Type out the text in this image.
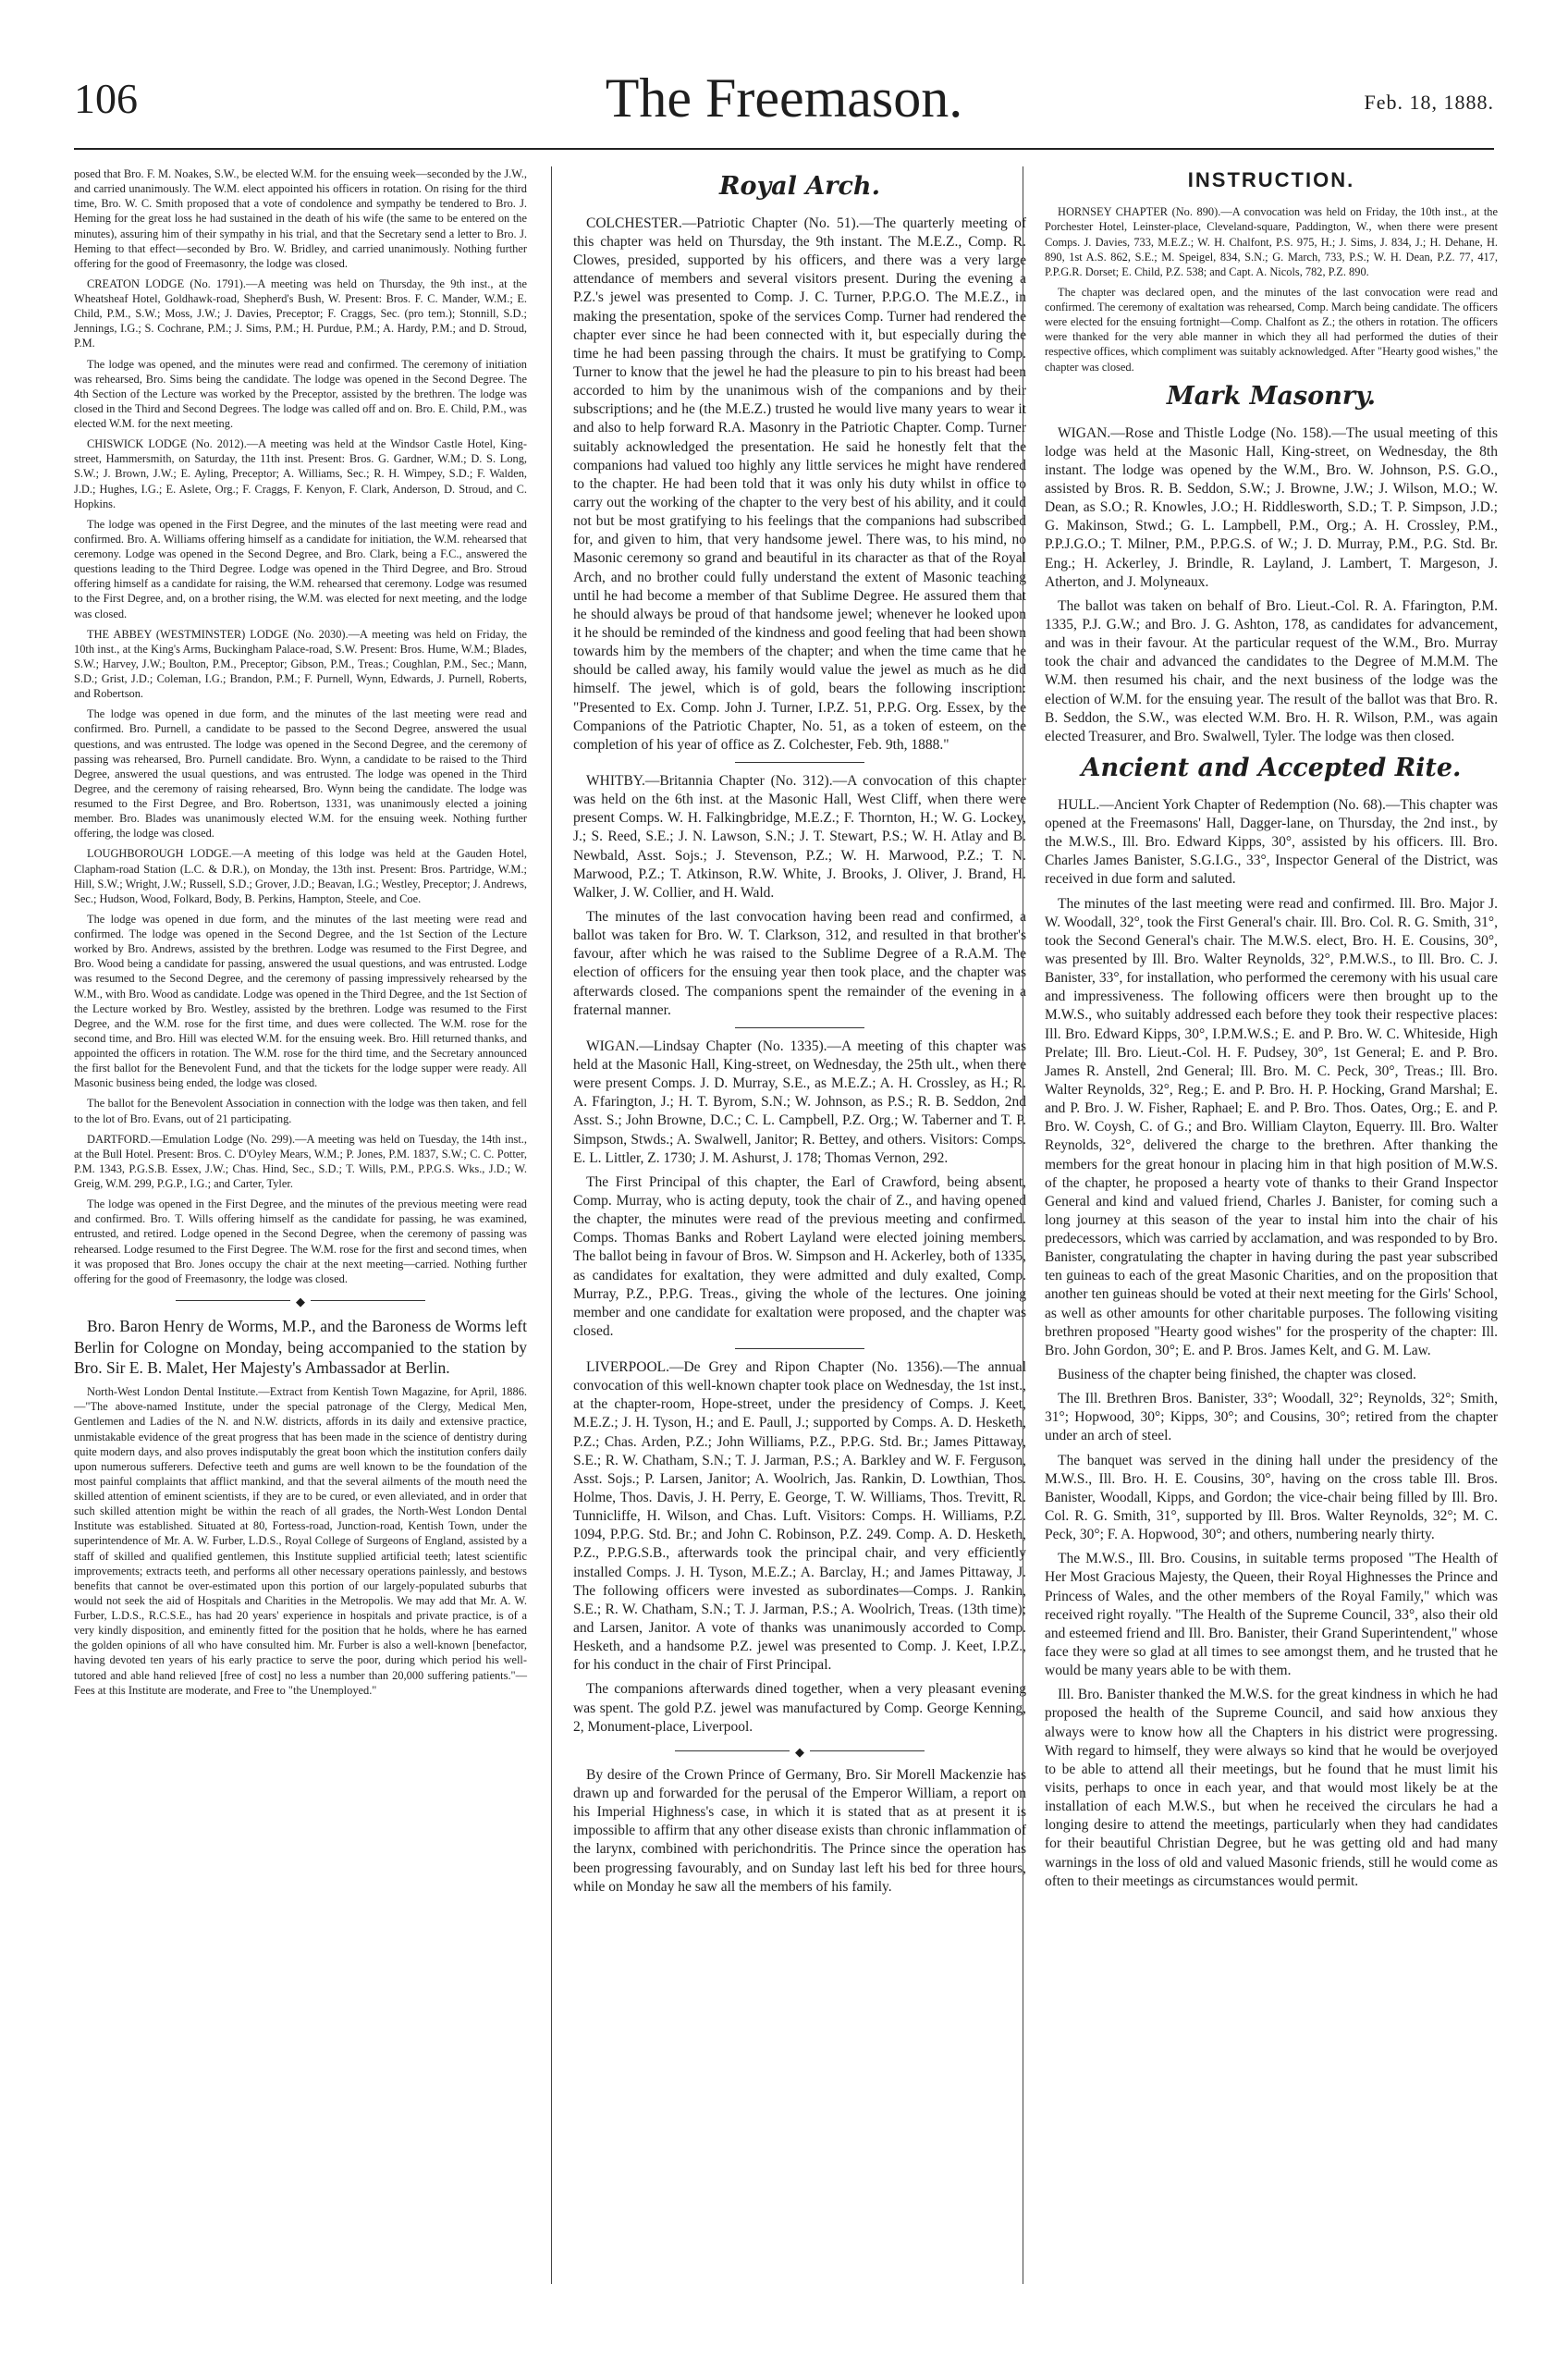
106	The Freemason.	Feb. 18, 1888.

posed that Bro. F. M. Noakes, S.W., be elected W.M. for the ensuing week—seconded by the J.W., and carried unanimously. The W.M. elect appointed his officers in rotation. On rising for the third time, Bro. W. C. Smith proposed that a vote of condolence and sympathy be tendered to Bro. J. Heming for the great loss he had sustained in the death of his wife (the same to be entered on the minutes), assuring him of their sympathy in his trial, and that the Secretary send a letter to Bro. J. Heming to that effect—seconded by Bro. W. Bridley, and carried unanimously. Nothing further offering for the good of Freemasonry, the lodge was closed.

CREATON LODGE (No. 1791).—A meeting was held on Thursday, the 9th inst., at the Wheatsheaf Hotel, Goldhawk-road, Shepherd's Bush, W. Present: Bros. F. C. Mander, W.M.; E. Child, P.M., S.W.; Moss, J.W.; J. Davies, Preceptor; F. Craggs, Sec. (pro tem.); Stonnill, S.D.; Jennings, I.G.; S. Cochrane, P.M.; J. Sims, P.M.; H. Purdue, P.M.; A. Hardy, P.M.; and D. Stroud, P.M.

The lodge was opened, and the minutes were read and confirmed. The ceremony of initiation was rehearsed, Bro. Sims being the candidate. The lodge was opened in the Second Degree. The 4th Section of the Lecture was worked by the Preceptor, assisted by the brethren. The lodge was closed in the Third and Second Degrees. The lodge was called off and on. Bro. E. Child, P.M., was elected W.M. for the next meeting.

CHISWICK LODGE (No. 2012).—A meeting was held at the Windsor Castle Hotel, King-street, Hammersmith, on Saturday, the 11th inst. Present: Bros. G. Gardner, W.M.; D. S. Long, S.W.; J. Brown, J.W.; E. Ayling, Preceptor; A. Williams, Sec.; R. H. Wimpey, S.D.; F. Walden, J.D.; Hughes, I.G.; E. Aslete, Org.; F. Craggs, F. Kenyon, F. Clark, Anderson, D. Stroud, and C. Hopkins.

The lodge was opened in the First Degree, and the minutes of the last meeting were read and confirmed. Bro. A. Williams offering himself as a candidate for initiation, the W.M. rehearsed that ceremony. Lodge was opened in the Second Degree, and Bro. Clark, being a F.C., answered the questions leading to the Third Degree. Lodge was opened in the Third Degree, and Bro. Stroud offering himself as a candidate for raising, the W.M. rehearsed that ceremony. Lodge was resumed to the First Degree, and, on a brother rising, the W.M. was elected for next meeting, and the lodge was closed.

THE ABBEY (WESTMINSTER) LODGE (No. 2030).—A meeting was held on Friday, the 10th inst., at the King's Arms, Buckingham Palace-road, S.W. Present: Bros. Hume, W.M.; Blades, S.W.; Harvey, J.W.; Boulton, P.M., Preceptor; Gibson, P.M., Treas.; Coughlan, P.M., Sec.; Mann, S.D.; Grist, J.D.; Coleman, I.G.; Brandon, P.M.; F. Purnell, Wynn, Edwards, J. Purnell, Roberts, and Robertson.

The lodge was opened in due form, and the minutes of the last meeting were read and confirmed. Bro. Purnell, a candidate to be passed to the Second Degree, answered the usual questions, and was entrusted. The lodge was opened in the Second Degree, and the ceremony of passing was rehearsed, Bro. Purnell candidate. Bro. Wynn, a candidate to be raised to the Third Degree, answered the usual questions, and was entrusted. The lodge was opened in the Third Degree, and the ceremony of raising rehearsed, Bro. Wynn being the candidate. The lodge was resumed to the First Degree, and Bro. Robertson, 1331, was unanimously elected a joining member. Bro. Blades was unanimously elected W.M. for the ensuing week. Nothing further offering, the lodge was closed.

LOUGHBOROUGH LODGE.—A meeting of this lodge was held at the Gauden Hotel, Clapham-road Station (L.C. & D.R.), on Monday, the 13th inst. Present: Bros. Partridge, W.M.; Hill, S.W.; Wright, J.W.; Russell, S.D.; Grover, J.D.; Beavan, I.G.; Westley, Preceptor; J. Andrews, Sec.; Hudson, Wood, Folkard, Body, B. Perkins, Hampton, Steele, and Coe.

The lodge was opened in due form, and the minutes of the last meeting were read and confirmed. The lodge was opened in the Second Degree, and the 1st Section of the Lecture worked by Bro. Andrews, assisted by the brethren. Lodge was resumed to the First Degree, and Bro. Wood being a candidate for passing, answered the usual questions, and was entrusted. Lodge was resumed to the Second Degree, and the ceremony of passing impressively rehearsed by the W.M., with Bro. Wood as candidate. Lodge was opened in the Third Degree, and the 1st Section of the Lecture worked by Bro. Westley, assisted by the brethren. Lodge was resumed to the First Degree, and the W.M. rose for the first time, and dues were collected. The W.M. rose for the second time, and Bro. Hill was elected W.M. for the ensuing week. Bro. Hill returned thanks, and appointed the officers in rotation. The W.M. rose for the third time, and the Secretary announced the first ballot for the Benevolent Fund, and that the tickets for the lodge supper were ready. All Masonic business being ended, the lodge was closed.

The ballot for the Benevolent Association in connection with the lodge was then taken, and fell to the lot of Bro. Evans, out of 21 participating.

DARTFORD.—Emulation Lodge (No. 299).—A meeting was held on Tuesday, the 14th inst., at the Bull Hotel. Present: Bros. C. D'Oyley Mears, W.M.; P. Jones, P.M. 1837, S.W.; C. C. Potter, P.M. 1343, P.G.S.B. Essex, J.W.; Chas. Hind, Sec., S.D.; T. Wills, P.M., P.P.G.S. Wks., J.D.; W. Greig, W.M. 299, P.G.P., I.G.; and Carter, Tyler.

The lodge was opened in the First Degree, and the minutes of the previous meeting were read and confirmed. Bro. T. Wills offering himself as the candidate for passing, he was examined, entrusted, and retired. Lodge opened in the Second Degree, when the ceremony of passing was rehearsed. Lodge resumed to the First Degree. The W.M. rose for the first and second times, when it was proposed that Bro. Jones occupy the chair at the next meeting—carried. Nothing further offering for the good of Freemasonry, the lodge was closed.

◆

Bro. Baron Henry de Worms, M.P., and the Baroness de Worms left Berlin for Cologne on Monday, being accompanied to the station by Bro. Sir E. B. Malet, Her Majesty's Ambassador at Berlin.

North-West London Dental Institute.—Extract from Kentish Town Magazine, for April, 1886.—"The above-named Institute, under the special patronage of the Clergy, Medical Men, Gentlemen and Ladies of the N. and N.W. districts, affords in its daily and extensive practice, unmistakable evidence of the great progress that has been made in the science of dentistry during quite modern days, and also proves indisputably the great boon which the institution confers daily upon numerous sufferers. Defective teeth and gums are well known to be the foundation of the most painful complaints that afflict mankind, and that the several ailments of the mouth need the skilled attention of eminent scientists, if they are to be cured, or even alleviated, and in order that such skilled attention might be within the reach of all grades, the North-West London Dental Institute was established. Situated at 80, Fortess-road, Junction-road, Kentish Town, under the superintendence of Mr. A. W. Furber, L.D.S., Royal College of Surgeons of England, assisted by a staff of skilled and qualified gentlemen, this Institute supplied artificial teeth; latest scientific improvements; extracts teeth, and performs all other necessary operations painlessly, and bestows benefits that cannot be over-estimated upon this portion of our largely-populated suburbs that would not seek the aid of Hospitals and Charities in the Metropolis. We may add that Mr. A. W. Furber, L.D.S., R.C.S.E., has had 20 years' experience in hospitals and private practice, is of a very kindly disposition, and eminently fitted for the position that he holds, where he has earned the golden opinions of all who have consulted him. Mr. Furber is also a well-known [benefactor, having devoted ten years of his early practice to serve the poor, during which period his well-tutored and able hand relieved [free of cost] no less a number than 20,000 suffering patients."—Fees at this Institute are moderate, and Free to "the Unemployed."

Royal Arch.

COLCHESTER.—Patriotic Chapter (No. 51).—The quarterly meeting of this chapter was held on Thursday, the 9th instant. The M.E.Z., Comp. R. Clowes, presided, supported by his officers, and there was a very large attendance of members and several visitors present. During the evening a P.Z.'s jewel was presented to Comp. J. C. Turner, P.P.G.O. The M.E.Z., in making the presentation, spoke of the services Comp. Turner had rendered the chapter ever since he had been connected with it, but especially during the time he had been passing through the chairs. It must be gratifying to Comp. Turner to know that the jewel he had the pleasure to pin to his breast had been accorded to him by the unanimous wish of the companions and by their subscriptions; and he (the M.E.Z.) trusted he would live many years to wear it and also to help forward R.A. Masonry in the Patriotic Chapter. Comp. Turner suitably acknowledged the presentation. He said he honestly felt that the companions had valued too highly any little services he might have rendered to the chapter. He had been told that it was only his duty whilst in office to carry out the working of the chapter to the very best of his ability, and it could not but be most gratifying to his feelings that the companions had subscribed for, and given to him, that very handsome jewel. There was, to his mind, no Masonic ceremony so grand and beautiful in its character as that of the Royal Arch, and no brother could fully understand the extent of Masonic teaching until he had become a member of that Sublime Degree. He assured them that he should always be proud of that handsome jewel; whenever he looked upon it he should be reminded of the kindness and good feeling that had been shown towards him by the members of the chapter; and when the time came that he should be called away, his family would value the jewel as much as he did himself. The jewel, which is of gold, bears the following inscription: "Presented to Ex. Comp. John J. Turner, I.P.Z. 51, P.P.G. Org. Essex, by the Companions of the Patriotic Chapter, No. 51, as a token of esteem, on the completion of his year of office as Z. Colchester, Feb. 9th, 1888."

WHITBY.—Britannia Chapter (No. 312).—A convocation of this chapter was held on the 6th inst. at the Masonic Hall, West Cliff, when there were present Comps. W. H. Falkingbridge, M.E.Z.; F. Thornton, H.; W. G. Lockey, J.; S. Reed, S.E.; J. N. Lawson, S.N.; J. T. Stewart, P.S.; W. H. Atlay and B. Newbald, Asst. Sojs.; J. Stevenson, P.Z.; W. H. Marwood, P.Z.; T. N. Marwood, P.Z.; T. Atkinson, R.W. White, J. Brooks, J. Oliver, J. Brand, H. Walker, J. W. Collier, and H. Wald.

The minutes of the last convocation having been read and confirmed, a ballot was taken for Bro. W. T. Clarkson, 312, and resulted in that brother's favour, after which he was raised to the Sublime Degree of a R.A.M. The election of officers for the ensuing year then took place, and the chapter was afterwards closed. The companions spent the remainder of the evening in a fraternal manner.

WIGAN.—Lindsay Chapter (No. 1335).—A meeting of this chapter was held at the Masonic Hall, King-street, on Wednesday, the 25th ult., when there were present Comps. J. D. Murray, S.E., as M.E.Z.; A. H. Crossley, as H.; R. A. Ffarington, J.; H. T. Byrom, S.N.; W. Johnson, as P.S.; R. B. Seddon, 2nd Asst. S.; John Browne, D.C.; C. L. Campbell, P.Z. Org.; W. Taberner and T. P. Simpson, Stwds.; A. Swalwell, Janitor; R. Bettey, and others. Visitors: Comps. E. L. Littler, Z. 1730; J. M. Ashurst, J. 178; Thomas Vernon, 292.

The First Principal of this chapter, the Earl of Crawford, being absent, Comp. Murray, who is acting deputy, took the chair of Z., and having opened the chapter, the minutes were read of the previous meeting and confirmed. Comps. Thomas Banks and Robert Layland were elected joining members. The ballot being in favour of Bros. W. Simpson and H. Ackerley, both of 1335, as candidates for exaltation, they were admitted and duly exalted, Comp. Murray, P.Z., P.P.G. Treas., giving the whole of the lectures. One joining member and one candidate for exaltation were proposed, and the chapter was closed.

LIVERPOOL.—De Grey and Ripon Chapter (No. 1356).—The annual convocation of this well-known chapter took place on Wednesday, the 1st inst., at the chapter-room, Hope-street, under the presidency of Comps. J. Keet, M.E.Z.; J. H. Tyson, H.; and E. Paull, J.; supported by Comps. A. D. Hesketh, P.Z.; Chas. Arden, P.Z.; John Williams, P.Z., P.P.G. Std. Br.; James Pittaway, S.E.; R. W. Chatham, S.N.; T. J. Jarman, P.S.; A. Barkley and W. F. Ferguson, Asst. Sojs.; P. Larsen, Janitor; A. Woolrich, Jas. Rankin, D. Lowthian, Thos. Holme, Thos. Davis, J. H. Perry, E. George, T. W. Williams, Thos. Trevitt, R. Tunnicliffe, H. Wilson, and Chas. Luft. Visitors: Comps. H. Williams, P.Z. 1094, P.P.G. Std. Br.; and John C. Robinson, P.Z. 249. Comp. A. D. Hesketh, P.Z., P.P.G.S.B., afterwards took the principal chair, and very efficiently installed Comps. J. H. Tyson, M.E.Z.; A. Barclay, H.; and James Pittaway, J. The following officers were invested as subordinates—Comps. J. Rankin, S.E.; R. W. Chatham, S.N.; T. J. Jarman, P.S.; A. Woolrich, Treas. (13th time); and Larsen, Janitor. A vote of thanks was unanimously accorded to Comp. Hesketh, and a handsome P.Z. jewel was presented to Comp. J. Keet, I.P.Z., for his conduct in the chair of First Principal.

The companions afterwards dined together, when a very pleasant evening was spent. The gold P.Z. jewel was manufactured by Comp. George Kenning, 2, Monument-place, Liverpool.

◆

By desire of the Crown Prince of Germany, Bro. Sir Morell Mackenzie has drawn up and forwarded for the perusal of the Emperor William, a report on his Imperial Highness's case, in which it is stated that as at present it is impossible to affirm that any other disease exists than chronic inflammation of the larynx, combined with perichondritis. The Prince since the operation has been progressing favourably, and on Sunday last left his bed for three hours, while on Monday he saw all the members of his family.

INSTRUCTION.

HORNSEY CHAPTER (No. 890).—A convocation was held on Friday, the 10th inst., at the Porchester Hotel, Leinster-place, Cleveland-square, Paddington, W., when there were present Comps. J. Davies, 733, M.E.Z.; W. H. Chalfont, P.S. 975, H.; J. Sims, J. 834, J.; H. Dehane, H. 890, 1st A.S. 862, S.E.; M. Speigel, 834, S.N.; G. March, 733, P.S.; W. H. Dean, P.Z. 77, 417, P.P.G.R. Dorset; E. Child, P.Z. 538; and Capt. A. Nicols, 782, P.Z. 890.

The chapter was declared open, and the minutes of the last convocation were read and confirmed. The ceremony of exaltation was rehearsed, Comp. March being candidate. The officers were elected for the ensuing fortnight—Comp. Chalfont as Z.; the others in rotation. The officers were thanked for the very able manner in which they all had performed the duties of their respective offices, which compliment was suitably acknowledged. After "Hearty good wishes," the chapter was closed.

Mark Masonry.

WIGAN.—Rose and Thistle Lodge (No. 158).—The usual meeting of this lodge was held at the Masonic Hall, King-street, on Wednesday, the 8th instant. The lodge was opened by the W.M., Bro. W. Johnson, P.S. G.O., assisted by Bros. R. B. Seddon, S.W.; J. Browne, J.W.; J. Wilson, M.O.; W. Dean, as S.O.; R. Knowles, J.O.; H. Riddlesworth, S.D.; T. P. Simpson, J.D.; G. Makinson, Stwd.; G. L. Lampbell, P.M., Org.; A. H. Crossley, P.M., P.P.J.G.O.; T. Milner, P.M., P.P.G.S. of W.; J. D. Murray, P.M., P.G. Std. Br. Eng.; H. Ackerley, J. Brindle, R. Layland, J. Lambert, T. Margeson, J. Atherton, and J. Molyneaux.

The ballot was taken on behalf of Bro. Lieut.-Col. R. A. Ffarington, P.M. 1335, P.J. G.W.; and Bro. J. G. Ashton, 178, as candidates for advancement, and was in their favour. At the particular request of the W.M., Bro. Murray took the chair and advanced the candidates to the Degree of M.M.M. The W.M. then resumed his chair, and the next business of the lodge was the election of W.M. for the ensuing year. The result of the ballot was that Bro. R. B. Seddon, the S.W., was elected W.M. Bro. H. R. Wilson, P.M., was again elected Treasurer, and Bro. Swalwell, Tyler. The lodge was then closed.

Ancient and Accepted Rite.

HULL.—Ancient York Chapter of Redemption (No. 68).—This chapter was opened at the Freemasons' Hall, Dagger-lane, on Thursday, the 2nd inst., by the M.W.S., Ill. Bro. Edward Kipps, 30°, assisted by his officers. Ill. Bro. Charles James Banister, S.G.I.G., 33°, Inspector General of the District, was received in due form and saluted.

The minutes of the last meeting were read and confirmed. Ill. Bro. Major J. W. Woodall, 32°, took the First General's chair. Ill. Bro. Col. R. G. Smith, 31°, took the Second General's chair. The M.W.S. elect, Bro. H. E. Cousins, 30°, was presented by Ill. Bro. Walter Reynolds, 32°, P.M.W.S., to Ill. Bro. C. J. Banister, 33°, for installation, who performed the ceremony with his usual care and impressiveness. The following officers were then brought up to the M.W.S., who suitably addressed each before they took their respective places: Ill. Bro. Edward Kipps, 30°, I.P.M.W.S.; E. and P. Bro. W. C. Whiteside, High Prelate; Ill. Bro. Lieut.-Col. H. F. Pudsey, 30°, 1st General; E. and P. Bro. James R. Anstell, 2nd General; Ill. Bro. M. C. Peck, 30°, Treas.; Ill. Bro. Walter Reynolds, 32°, Reg.; E. and P. Bro. H. P. Hocking, Grand Marshal; E. and P. Bro. J. W. Fisher, Raphael; E. and P. Bro. Thos. Oates, Org.; E. and P. Bro. W. Coysh, C. of G.; and Bro. William Clayton, Equerry. Ill. Bro. Walter Reynolds, 32°, delivered the charge to the brethren. After thanking the members for the great honour in placing him in that high position of M.W.S. of the chapter, he proposed a hearty vote of thanks to their Grand Inspector General and kind and valued friend, Charles J. Banister, for coming such a long journey at this season of the year to instal him into the chair of his predecessors, which was carried by acclamation, and was responded to by Bro. Banister, congratulating the chapter in having during the past year subscribed ten guineas to each of the great Masonic Charities, and on the proposition that another ten guineas should be voted at their next meeting for the Girls' School, as well as other amounts for other charitable purposes. The following visiting brethren proposed "Hearty good wishes" for the prosperity of the chapter: Ill. Bro. John Gordon, 30°; E. and P. Bros. James Kelt, and G. M. Law.

Business of the chapter being finished, the chapter was closed.

The Ill. Brethren Bros. Banister, 33°; Woodall, 32°; Reynolds, 32°; Smith, 31°; Hopwood, 30°; Kipps, 30°; and Cousins, 30°; retired from the chapter under an arch of steel.

The banquet was served in the dining hall under the presidency of the M.W.S., Ill. Bro. H. E. Cousins, 30°, having on the cross table Ill. Bros. Banister, Woodall, Kipps, and Gordon; the vice-chair being filled by Ill. Bro. Col. R. G. Smith, 31°, supported by Ill. Bros. Walter Reynolds, 32°; M. C. Peck, 30°; F. A. Hopwood, 30°; and others, numbering nearly thirty.

The M.W.S., Ill. Bro. Cousins, in suitable terms proposed "The Health of Her Most Gracious Majesty, the Queen, their Royal Highnesses the Prince and Princess of Wales, and the other members of the Royal Family," which was received right royally. "The Health of the Supreme Council, 33°, also their old and esteemed friend and Ill. Bro. Banister, their Grand Superintendent," whose face they were so glad at all times to see amongst them, and he trusted that he would be many years able to be with them.

Ill. Bro. Banister thanked the M.W.S. for the great kindness in which he had proposed the health of the Supreme Council, and said how anxious they always were to know how all the Chapters in his district were progressing. With regard to himself, they were always so kind that he would be overjoyed to be able to attend all their meetings, but he found that he must limit his visits, perhaps to once in each year, and that would most likely be at the installation of each M.W.S., but when he received the circulars he had a longing desire to attend the meetings, particularly when they had candidates for their beautiful Christian Degree, but he was getting old and had many warnings in the loss of old and valued Masonic friends, still he would come as often to their meetings as circumstances would permit.
